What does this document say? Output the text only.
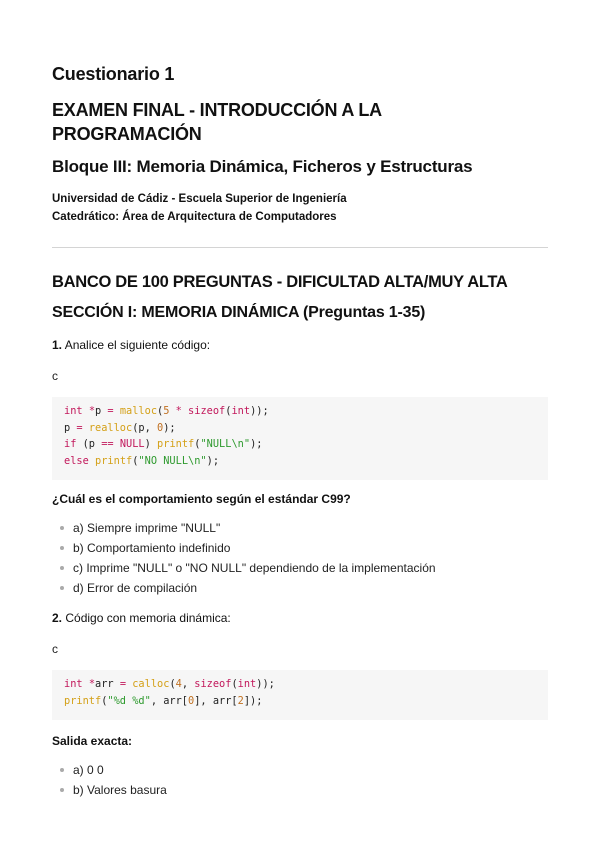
Cuestionario 1
EXAMEN FINAL - INTRODUCCIÓN A LA PROGRAMACIÓN
Bloque III: Memoria Dinámica, Ficheros y Estructuras
Universidad de Cádiz - Escuela Superior de Ingeniería
Catedrático: Área de Arquitectura de Computadores
BANCO DE 100 PREGUNTAS - DIFICULTAD ALTA/MUY ALTA
SECCIÓN I: MEMORIA DINÁMICA (Preguntas 1-35)

1. Analice el siguiente código:

c

int *p = malloc(5 * sizeof(int));
p = realloc(p, 0);
if (p == NULL) printf("NULL\n");
else printf("NO NULL\n");

¿Cuál es el comportamiento según el estándar C99?

a) Siempre imprime "NULL"
b) Comportamiento indefinido
c) Imprime "NULL" o "NO NULL" dependiendo de la implementación
d) Error de compilación

2. Código con memoria dinámica:

c

int *arr = calloc(4, sizeof(int));
printf("%d %d", arr[0], arr[2]);

Salida exacta:

a) 0 0
b) Valores basura
